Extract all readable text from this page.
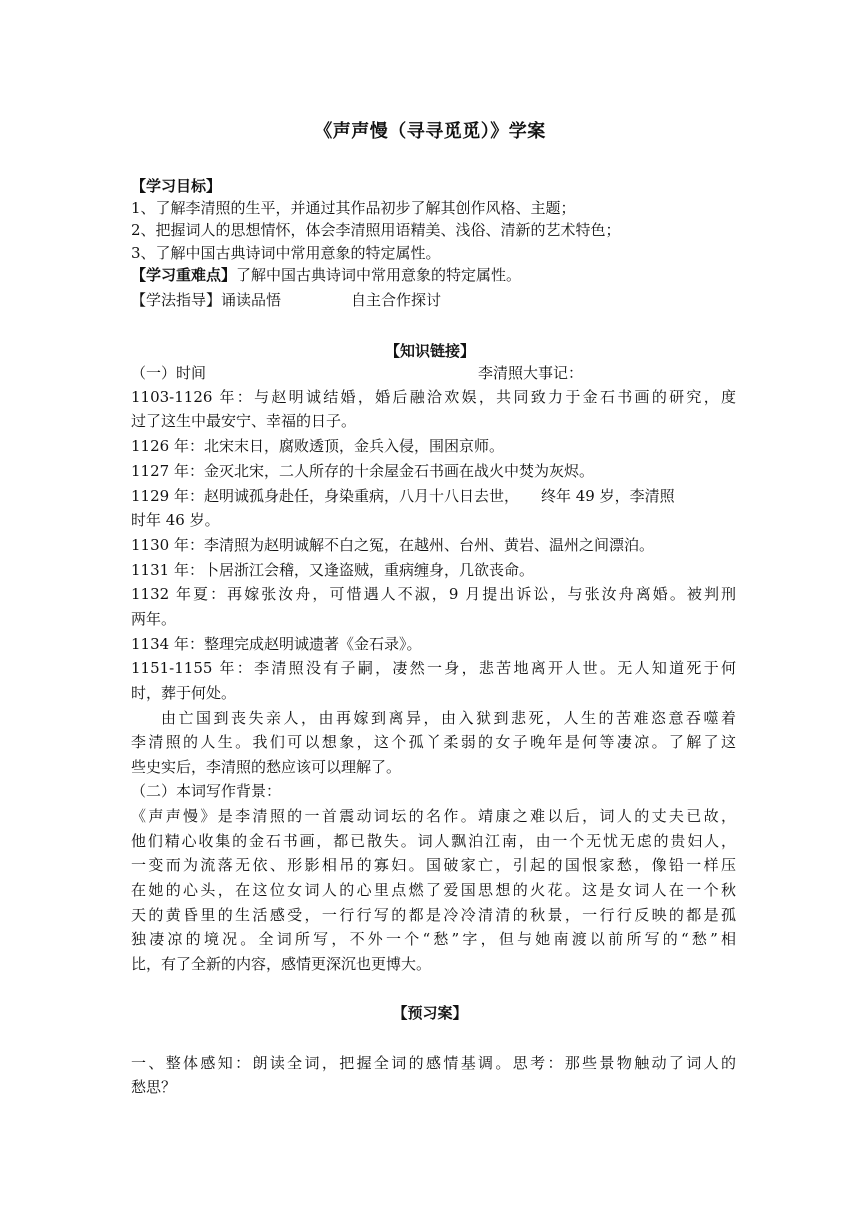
《声声慢（寻寻觅觅）》学案
【学习目标】
1、了解李清照的生平，并通过其作品初步了解其创作风格、主题；
2、把握词人的思想情怀，体会李清照用语精美、浅俗、清新的艺术特色；
3、了解中国古典诗词中常用意象的特定属性。
【学习重难点】了解中国古典诗词中常用意象的特定属性。
【学法指导】诵读品悟	自主合作探讨
【知识链接】
（一）时间	李清照大事记：
1103-1126 年：与赵明诚结婚，婚后融洽欢娱，共同致力于金石书画的研究，度
过了这生中最安宁、幸福的日子。
1126 年：北宋末日，腐败透顶，金兵入侵，围困京师。
1127 年：金灭北宋，二人所存的十余屋金石书画在战火中焚为灰烬。
1129 年：赵明诚孤身赴任，身染重病，八月十八日去世， 终年 49 岁，李清照
时年 46 岁。
1130 年：李清照为赵明诚解不白之冤，在越州、台州、黄岩、温州之间漂泊。
1131 年：卜居浙江会稽，又逢盗贼，重病缠身，几欲丧命。
1132 年夏：再嫁张汝舟，可惜遇人不淑，9 月提出诉讼，与张汝舟离婚。被判刑
两年。
1134 年：整理完成赵明诚遗著《金石录》。
1151-1155 年：李清照没有子嗣，凄然一身，悲苦地离开人世。无人知道死于何
时，葬于何处。
由亡国到丧失亲人，由再嫁到离异，由入狱到悲死，人生的苦难恣意吞噬着
李清照的人生。我们可以想象，这个孤丫柔弱的女子晚年是何等凄凉。了解了这
些史实后，李清照的愁应该可以理解了。
（二）本词写作背景：
《声声慢》是李清照的一首震动词坛的名作。靖康之难以后，词人的丈夫已故，
他们精心收集的金石书画，都已散失。词人飘泊江南，由一个无忧无虑的贵妇人，
一变而为流落无依、形影相吊的寡妇。国破家亡，引起的国恨家愁，像铅一样压
在她的心头，在这位女词人的心里点燃了爱国思想的火花。这是女词人在一个秋
天的黄昏里的生活感受，一行行写的都是冷冷清清的秋景，一行行反映的都是孤
独凄凉的境况。全词所写，不外一个“愁”字，但与她南渡以前所写的“愁”相
比，有了全新的内容，感情更深沉也更博大。
【预习案】
一、整体感知：朗读全词，把握全词的感情基调。思考：那些景物触动了词人的
愁思？
